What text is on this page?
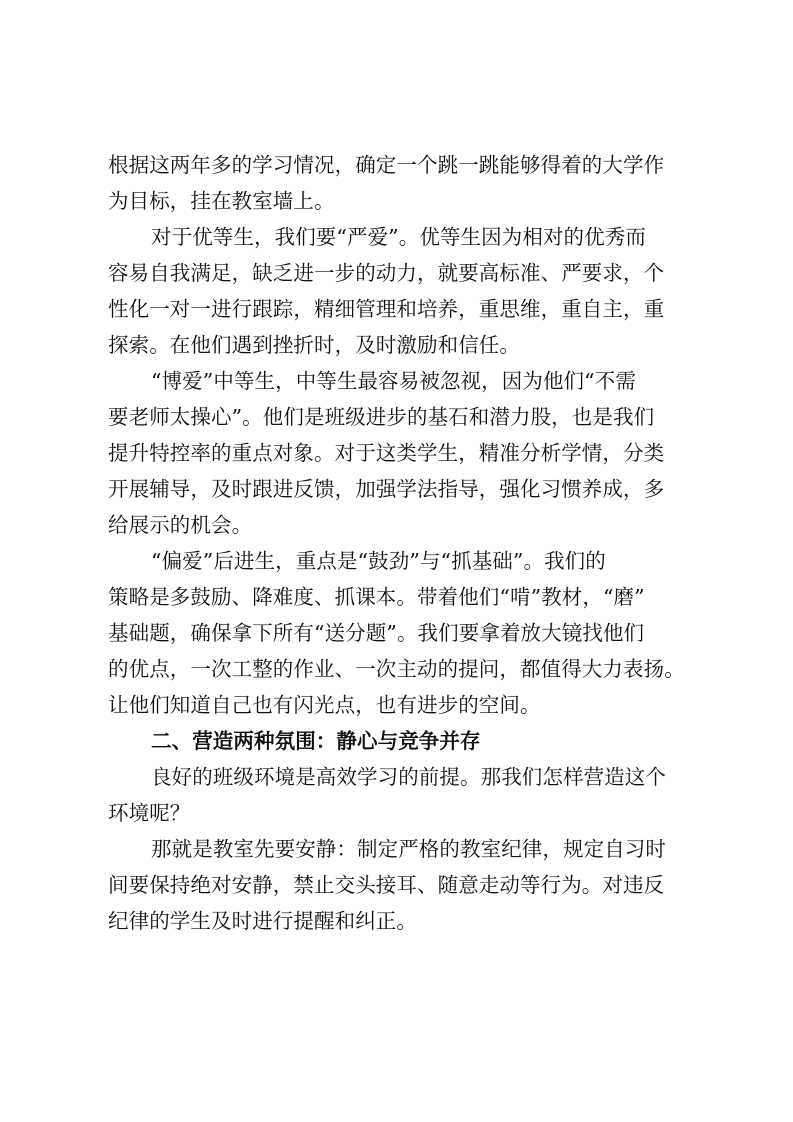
根据这两年多的学习情况，确定一个跳一跳能够得着的大学作
为目标，挂在教室墙上。
对于优等生，我们要“严爱”。优等生因为相对的优秀而
容易自我满足，缺乏进一步的动力，就要高标准、严要求，个
性化一对一进行跟踪，精细管理和培养，重思维，重自主，重
探索。在他们遇到挫折时，及时激励和信任。
“博爱”中等生，中等生最容易被忽视，因为他们“不需
要老师太操心”。他们是班级进步的基石和潜力股，也是我们
提升特控率的重点对象。对于这类学生，精准分析学情，分类
开展辅导，及时跟进反馈，加强学法指导，强化习惯养成，多
给展示的机会。
“偏爱”后进生，重点是“鼓劲”与“抓基础”。我们的
策略是多鼓励、降难度、抓课本。带着他们“啃”教材，“磨”
基础题，确保拿下所有“送分题”。我们要拿着放大镜找他们
的优点，一次工整的作业、一次主动的提问，都值得大力表扬。
让他们知道自己也有闪光点，也有进步的空间。
二、营造两种氛围：静心与竞争并存
良好的班级环境是高效学习的前提。那我们怎样营造这个
环境呢？
那就是教室先要安静：制定严格的教室纪律，规定自习时
间要保持绝对安静，禁止交头接耳、随意走动等行为。对违反
纪律的学生及时进行提醒和纠正。
